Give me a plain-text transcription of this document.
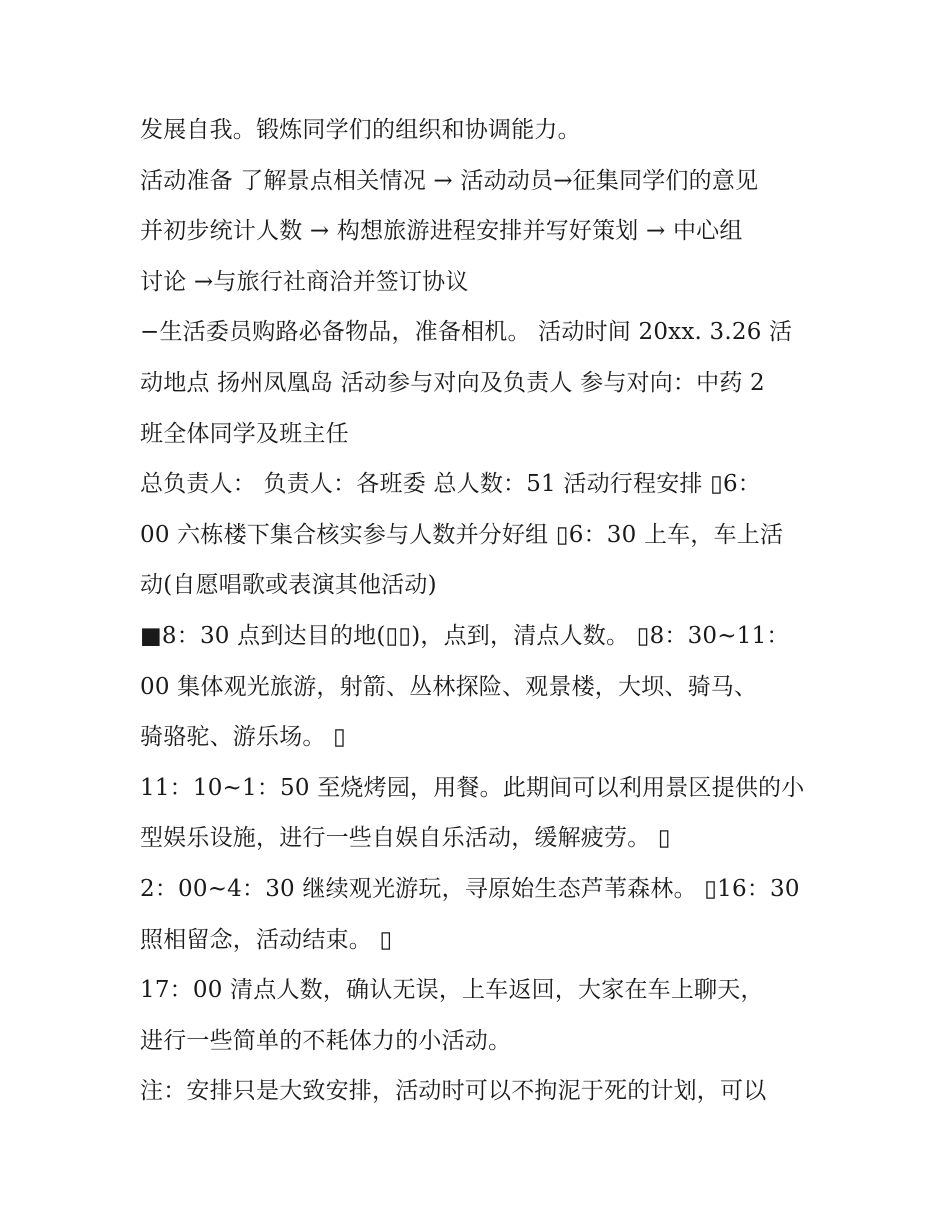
发展自我。锻炼同学们的组织和协调能力。
活动准备 了解景点相关情况 → 活动动员→征集同学们的意见
并初步统计人数 → 构想旅游进程安排并写好策划 → 中心组
讨论 →与旅行社商洽并签订协议
−生活委员购路必备物品，准备相机。 活动时间 20xx. 3.26 活
动地点 扬州凤凰岛 活动参与对向及负责人 参与对向：中药 2
班全体同学及班主任
总负责人： 负责人：各班委 总人数：51 活动行程安排 ▯6：
00 六栋楼下集合核实参与人数并分好组 ▯6：30 上车，车上活
动(自愿唱歌或表演其他活动)
■8：30 点到达目的地(▯▯)，点到，清点人数。 ▯8：30~11：
00 集体观光旅游，射箭、丛林探险、观景楼，大坝、骑马、
骑骆驼、游乐场。 ▯
11：10~1：50 至烧烤园，用餐。此期间可以利用景区提供的小
型娱乐设施，进行一些自娱自乐活动，缓解疲劳。 ▯
2：00~4：30 继续观光游玩，寻原始生态芦苇森林。 ▯16：30
照相留念，活动结束。 ▯
17：00 清点人数，确认无误，上车返回，大家在车上聊天，
进行一些简单的不耗体力的小活动。
注：安排只是大致安排，活动时可以不拘泥于死的计划，可以
